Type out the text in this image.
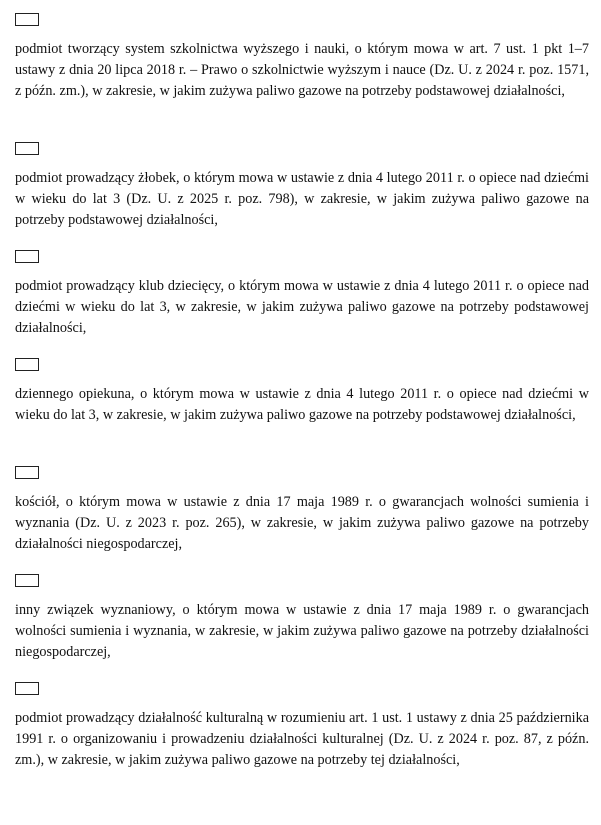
podmiot tworzący system szkolnictwa wyższego i nauki, o którym mowa w art. 7 ust. 1 pkt 1–7 ustawy z dnia 20 lipca 2018 r. – Prawo o szkolnictwie wyższym i nauce (Dz. U. z 2024 r. poz. 1571, z późn. zm.), w zakresie, w jakim zużywa paliwo gazowe na potrzeby podstawowej działalności,
podmiot prowadzący żłobek, o którym mowa w ustawie z dnia 4 lutego 2011 r. o opiece nad dziećmi w wieku do lat 3 (Dz. U. z 2025 r. poz. 798), w zakresie, w jakim zużywa paliwo gazowe na potrzeby podstawowej działalności,
podmiot prowadzący klub dziecięcy, o którym mowa w ustawie z dnia 4 lutego 2011 r. o opiece nad dziećmi w wieku do lat 3, w zakresie, w jakim zużywa paliwo gazowe na potrzeby podstawowej działalności,
dziennego opiekuna, o którym mowa w ustawie z dnia 4 lutego 2011 r. o opiece nad dziećmi w wieku do lat 3, w zakresie, w jakim zużywa paliwo gazowe na potrzeby podstawowej działalności,
kościół, o którym mowa w ustawie z dnia 17 maja 1989 r. o gwarancjach wolności sumienia i wyznania (Dz. U. z 2023 r. poz. 265), w zakresie, w jakim zużywa paliwo gazowe na potrzeby działalności niegospodarczej,
inny związek wyznaniowy, o którym mowa w ustawie z dnia 17 maja 1989 r. o gwarancjach wolności sumienia i wyznania, w zakresie, w jakim zużywa paliwo gazowe na potrzeby działalności niegospodarczej,
podmiot prowadzący działalność kulturalną w rozumieniu art. 1 ust. 1 ustawy z dnia 25 października 1991 r. o organizowaniu i prowadzeniu działalności kulturalnej (Dz. U. z 2024 r. poz. 87, z późn. zm.), w zakresie, w jakim zużywa paliwo gazowe na potrzeby tej działalności,
